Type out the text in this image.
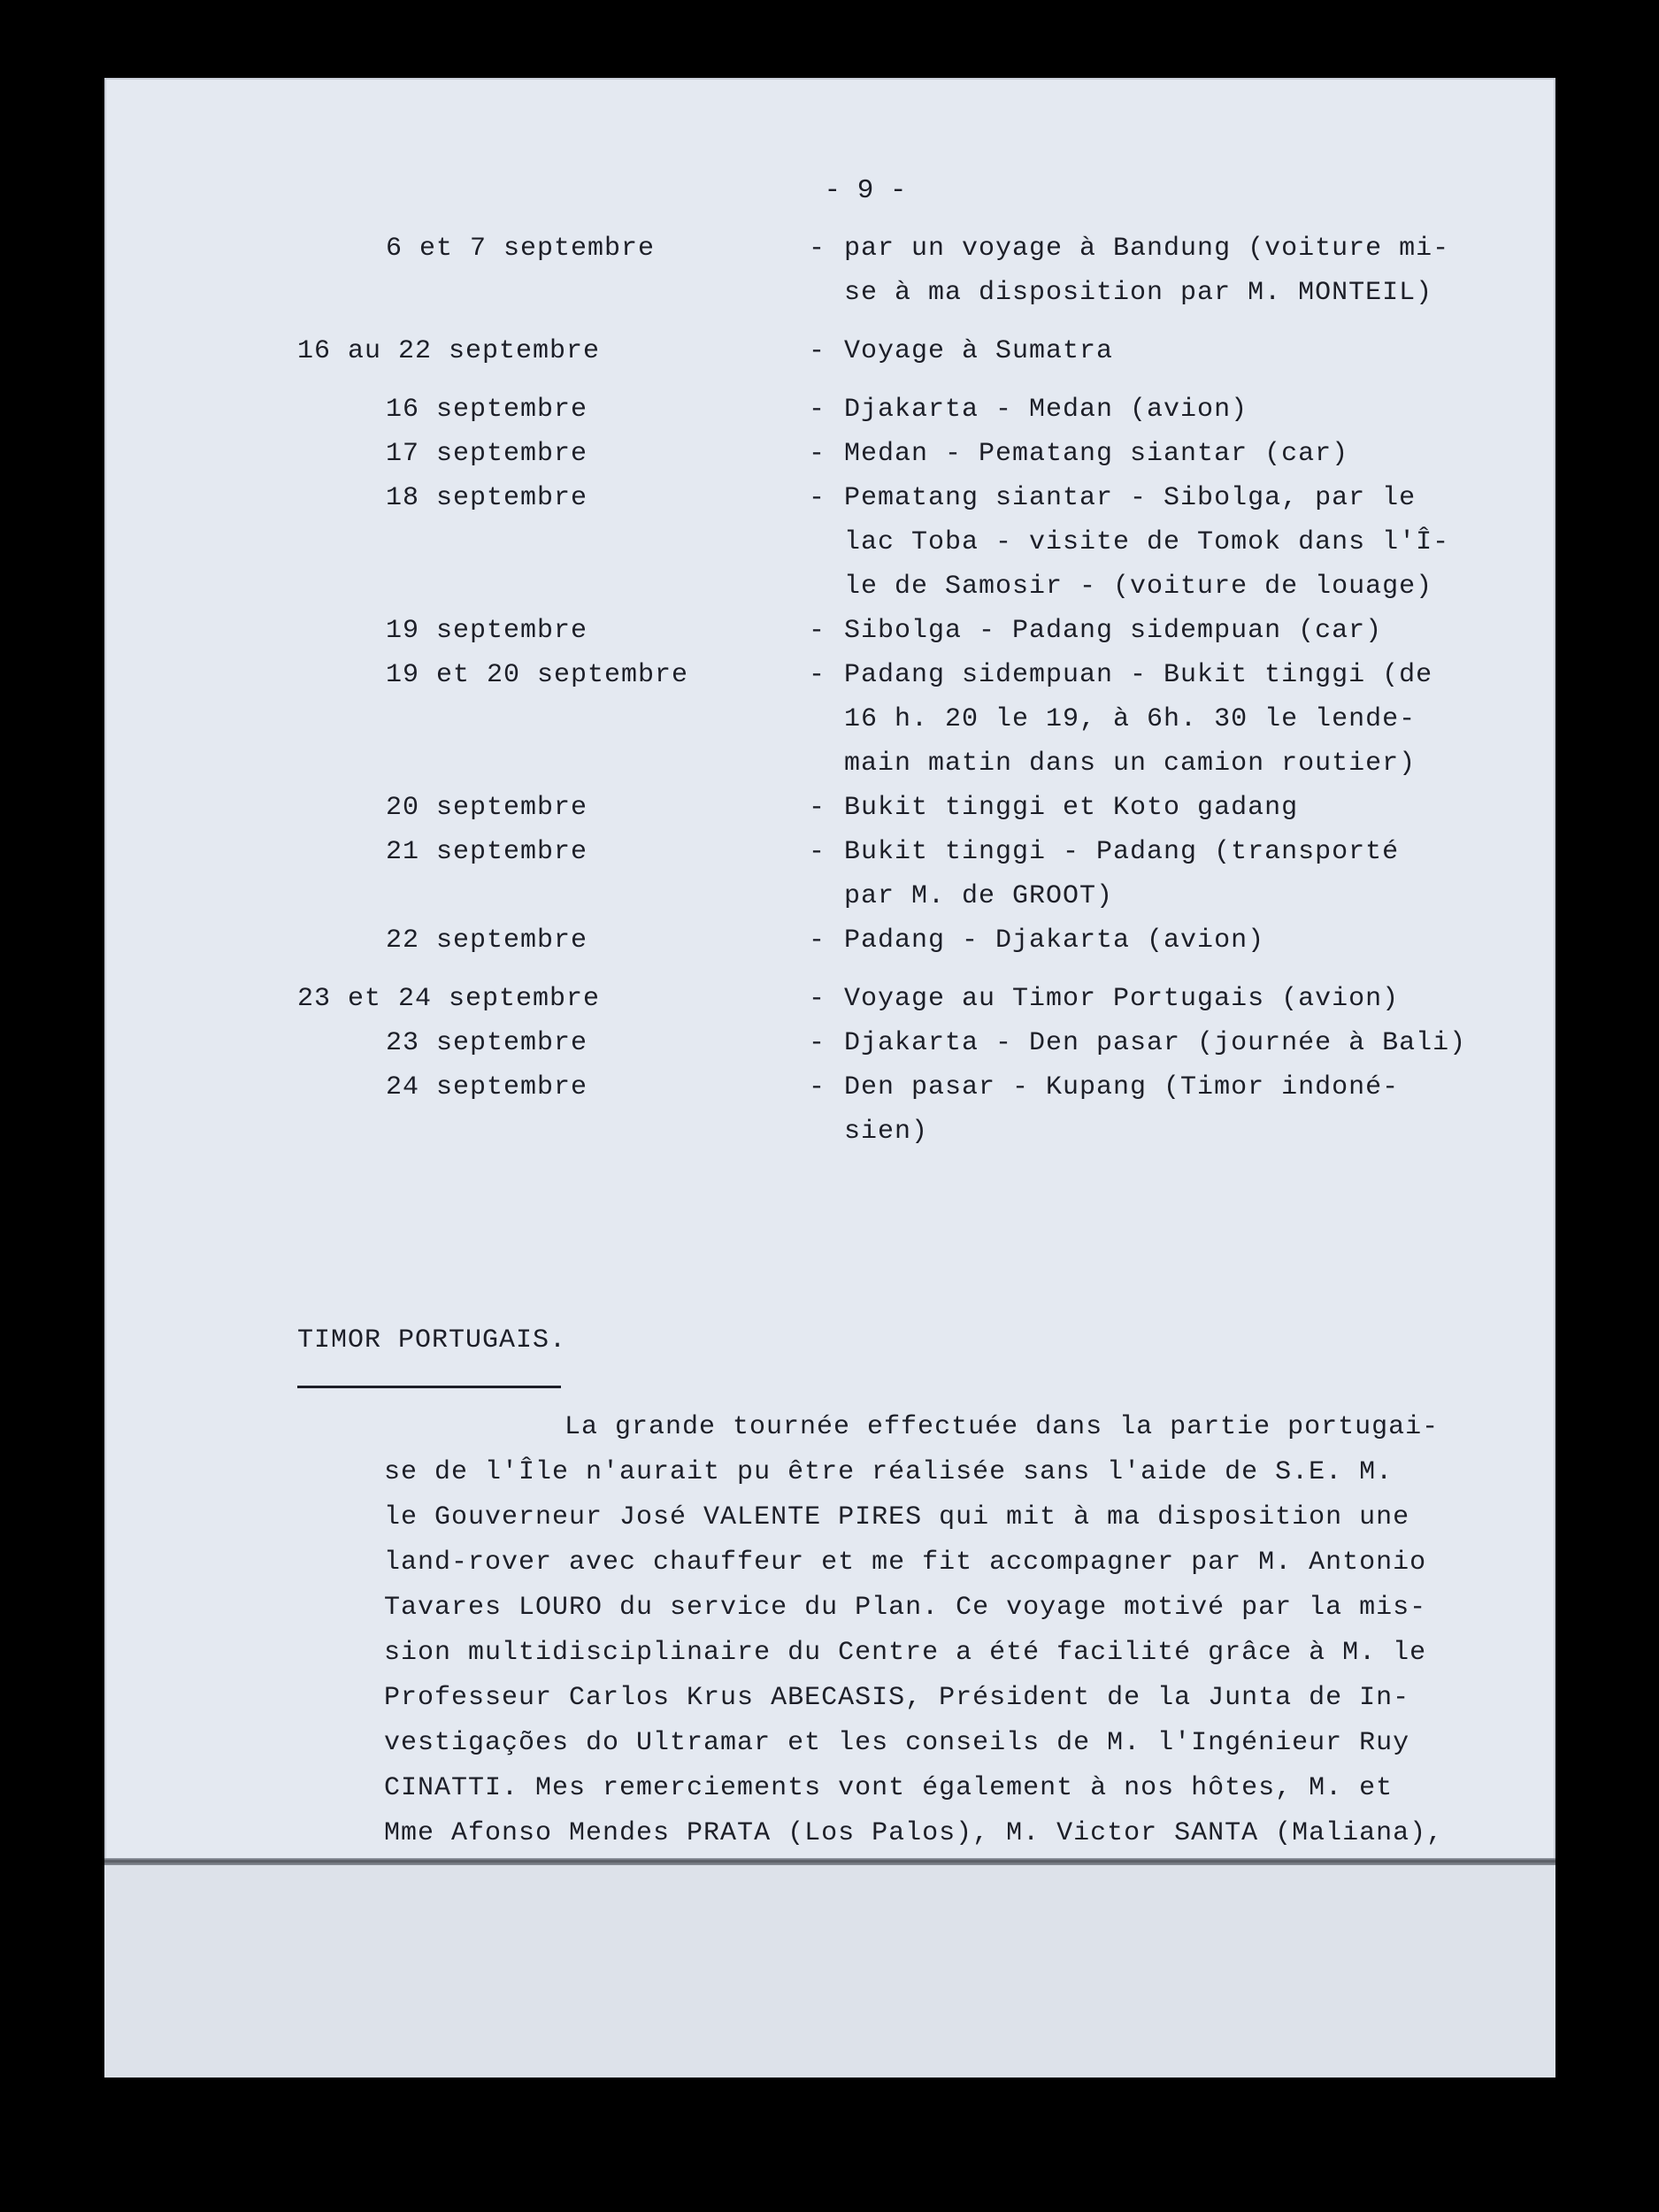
- 9 -
6 et 7 septembre	- par un voyage à Bandung (voiture mi-
se à ma disposition par M. MONTEIL)
16 au 22 septembre	- Voyage à Sumatra
16 septembre	- Djakarta - Medan (avion)
17 septembre	- Medan - Pematang siantar (car)
18 septembre	- Pematang siantar - Sibolga, par le
lac Toba - visite de Tomok dans l'Î-
le de Samosir - (voiture de louage)
19 septembre	- Sibolga - Padang sidempuan (car)
19 et 20 septembre	- Padang sidempuan - Bukit tinggi (de
16 h. 20 le 19, à 6h. 30 le lende-
main matin dans un camion routier)
20 septembre	- Bukit tinggi et Koto gadang
21 septembre	- Bukit tinggi - Padang (transporté
par M. de GROOT)
22 septembre	- Padang - Djakarta (avion)
23 et 24 septembre	- Voyage au Timor Portugais (avion)
23 septembre	- Djakarta - Den pasar (journée à Bali)
24 septembre	- Den pasar - Kupang (Timor indoné-
sien)
TIMOR PORTUGAIS.
La grande tournée effectuée dans la partie portugai-
se de l'Île n'aurait pu être réalisée sans l'aide de S.E. M.
le Gouverneur José VALENTE PIRES qui mit à ma disposition une
land-rover avec chauffeur et me fit accompagner par M. Antonio
Tavares LOURO du service du Plan. Ce voyage motivé par la mis-
sion multidisciplinaire du Centre a été facilité grâce à M. le
Professeur Carlos Krus ABECASIS, Président de la Junta de In-
vestigações do Ultramar et les conseils de M. l'Ingénieur Ruy
CINATTI. Mes remerciements vont également à nos hôtes, M. et
Mme Afonso Mendes PRATA (Los Palos), M. Victor SANTA (Maliana),
